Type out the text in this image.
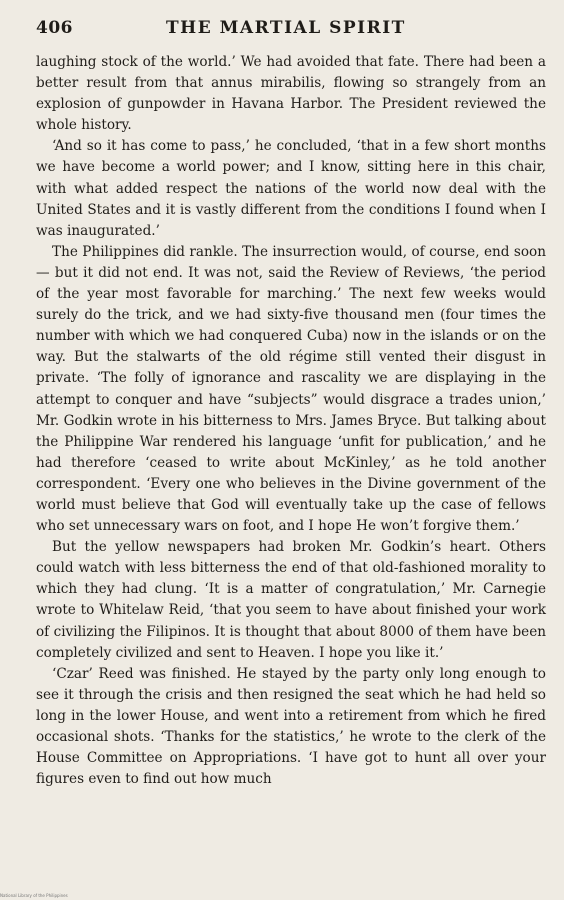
406	THE MARTIAL SPIRIT

laughing stock of the world.’ We had avoided that fate. There had been a better result from that annus mirabilis, flowing so strangely from an explosion of gunpowder in Havana Harbor. The President reviewed the whole history.

‘And so it has come to pass,’ he concluded, ‘that in a few short months we have become a world power; and I know, sitting here in this chair, with what added respect the nations of the world now deal with the United States and it is vastly different from the conditions I found when I was inaugurated.’

The Philippines did rankle. The insurrection would, of course, end soon — but it did not end. It was not, said the Review of Reviews, ‘the period of the year most favorable for marching.’ The next few weeks would surely do the trick, and we had sixty-five thousand men (four times the number with which we had conquered Cuba) now in the islands or on the way. But the stalwarts of the old régime still vented their disgust in private. ‘The folly of ignorance and rascality we are displaying in the attempt to conquer and have “subjects” would disgrace a trades union,’ Mr. Godkin wrote in his bitterness to Mrs. James Bryce. But talking about the Philippine War rendered his language ‘unfit for publication,’ and he had therefore ‘ceased to write about McKinley,’ as he told another correspondent. ‘Every one who believes in the Divine government of the world must believe that God will eventually take up the case of fellows who set unnecessary wars on foot, and I hope He won’t forgive them.’

But the yellow newspapers had broken Mr. Godkin’s heart. Others could watch with less bitterness the end of that old-fashioned morality to which they had clung. ‘It is a matter of congratulation,’ Mr. Carnegie wrote to Whitelaw Reid, ‘that you seem to have about finished your work of civilizing the Filipinos. It is thought that about 8000 of them have been completely civilized and sent to Heaven. I hope you like it.’

‘Czar’ Reed was finished. He stayed by the party only long enough to see it through the crisis and then resigned the seat which he had held so long in the lower House, and went into a retirement from which he fired occasional shots. ‘Thanks for the statistics,’ he wrote to the clerk of the House Committee on Appropriations. ‘I have got to hunt all over your figures even to find out how much

National Library of the Philippines
